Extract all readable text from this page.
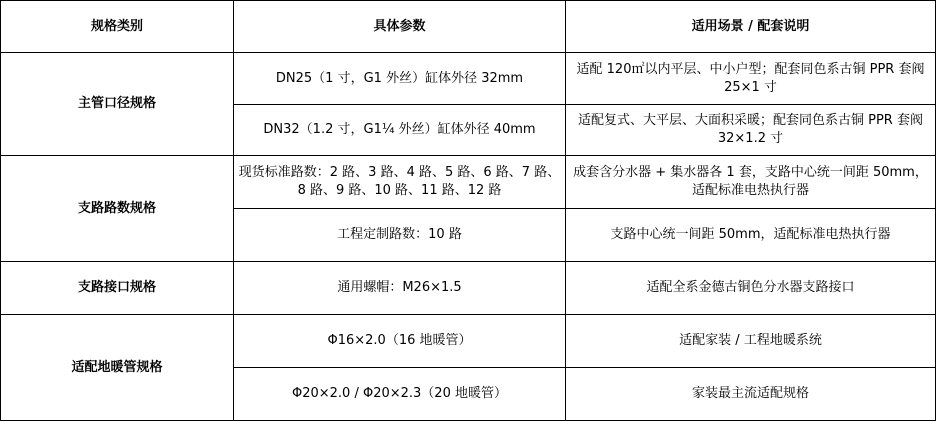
规格类别	具体参数	适用场景 / 配套说明
主管口径规格	DN25（1 寸，G1 外丝）缸体外径 32mm	适配 120㎡以内平层、中小户型；配套同色系古铜 PPR 套阀 25×1 寸
	DN32（1.2 寸，G1¼ 外丝）缸体外径 40mm	适配复式、大平层、大面积采暖；配套同色系古铜 PPR 套阀 32×1.2 寸
支路路数规格	现货标准路数：2 路、3 路、4 路、5 路、6 路、7 路、8 路、9 路、10 路、11 路、12 路	成套含分水器 + 集水器各 1 套，支路中心统一间距 50mm，适配标准电热执行器
	工程定制路数：10 路	支路中心统一间距 50mm，适配标准电热执行器
支路接口规格	通用螺帽：M26×1.5	适配全系金德古铜色分水器支路接口
适配地暖管规格	Φ16×2.0（16 地暖管）	适配家装 / 工程地暖系统
	Φ20×2.0 / Φ20×2.3（20 地暖管）	家装最主流适配规格
